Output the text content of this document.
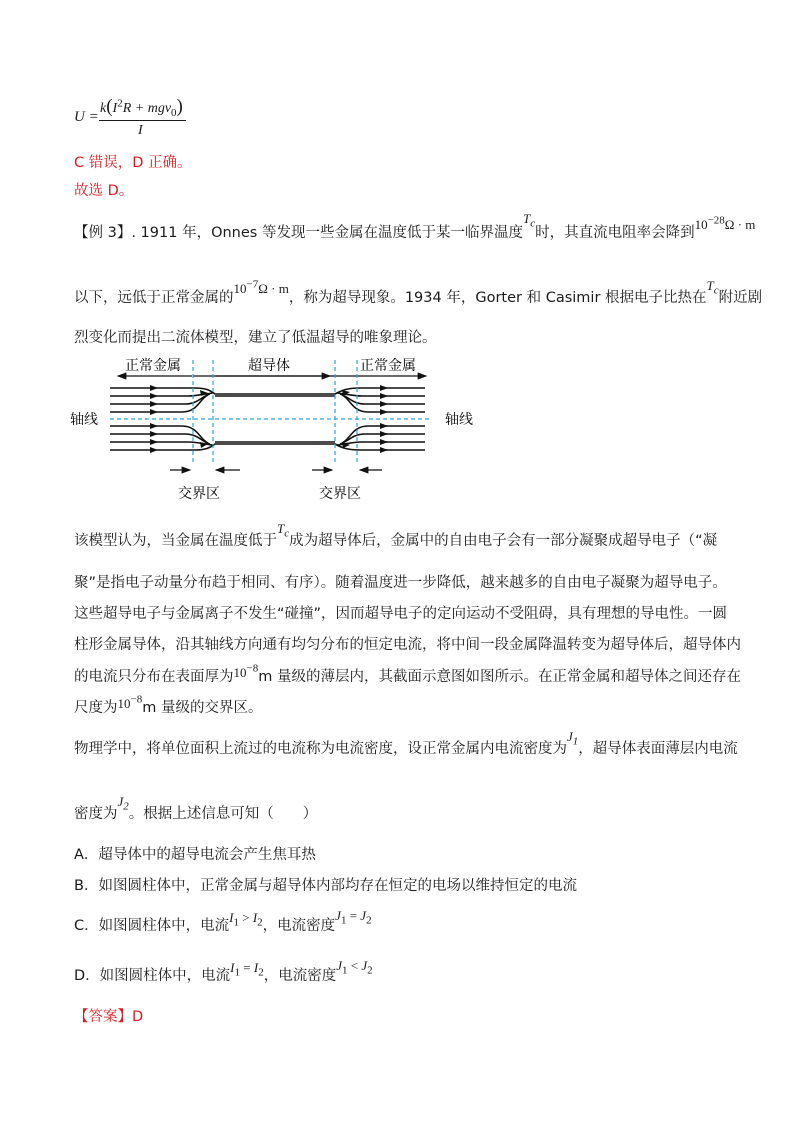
U =
$k(I^2R + mgv_0)$
I
C 错误，D 正确。
故选 D。
【例 3】. 1911 年，Onnes 等发现一些金属在温度低于某一临界温度$T_c$时，其直流电阻率会降到$10^{-28}\Omega \cdot m$
以下，远低于正常金属的$10^{-7}\Omega \cdot m$，称为超导现象。1934 年，Gorter 和 Casimir 根据电子比热在$T_c$附近剧
烈变化而提出二流体模型，建立了低温超导的唯象理论。
正常金属	超导体	正常金属
轴线	轴线
交界区	交界区
该模型认为，当金属在温度低于$T_c$成为超导体后，金属中的自由电子会有一部分凝聚成超导电子（“凝
聚”是指电子动量分布趋于相同、有序）。随着温度进一步降低，越来越多的自由电子凝聚为超导电子。
这些超导电子与金属离子不发生“碰撞”，因而超导电子的定向运动不受阻碍，具有理想的导电性。一圆
柱形金属导体，沿其轴线方向通有均匀分布的恒定电流，将中间一段金属降温转变为超导体后，超导体内
的电流只分布在表面厚为$10^{-8}m$ 量级的薄层内，其截面示意图如图所示。在正常金属和超导体之间还存在
尺度为$10^{-8}m$ 量级的交界区。
物理学中，将单位面积上流过的电流称为电流密度，设正常金属内电流密度为$J_1$，超导体表面薄层内电流
密度为$J_2$。根据上述信息可知（　　）
A．超导体中的超导电流会产生焦耳热
B．如图圆柱体中，正常金属与超导体内部均存在恒定的电场以维持恒定的电流
C．如图圆柱体中，电流$I_1 > I_2$，电流密度$J_1 = J_2$
D．如图圆柱体中，电流$I_1 = I_2$，电流密度$J_1 < J_2$
【答案】D
